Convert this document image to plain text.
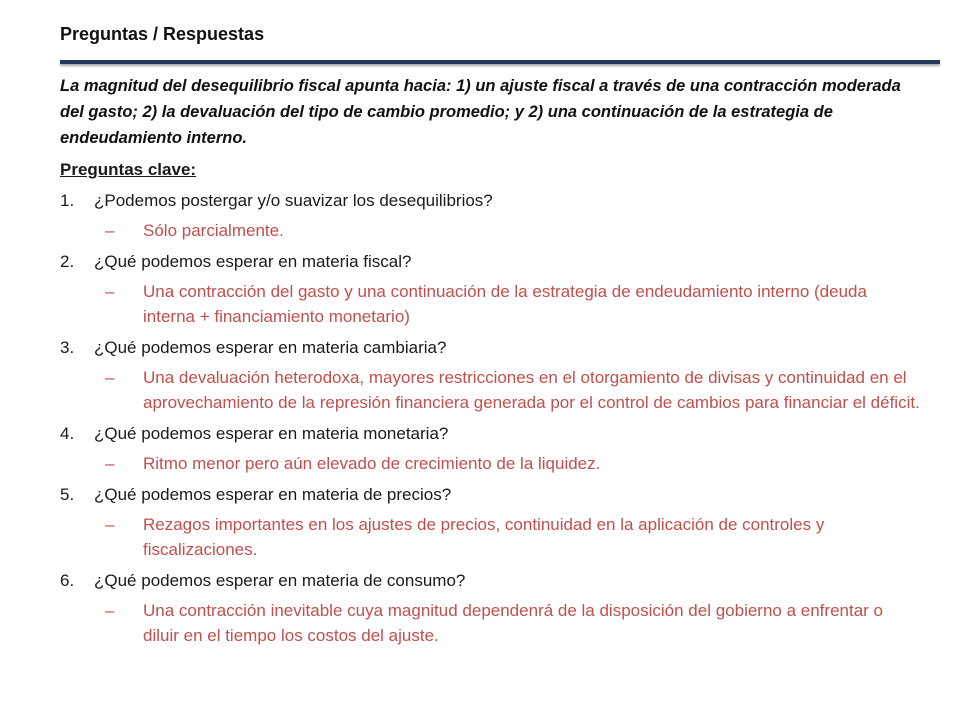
Preguntas / Respuestas
La magnitud del desequilibrio fiscal apunta hacia: 1) un ajuste fiscal a través de una contracción moderada del gasto; 2) la devaluación del tipo de cambio promedio; y 2) una continuación de la estrategia de endeudamiento interno.
Preguntas clave:
1.	¿Podemos postergar y/o suavizar los desequilibrios?
–	Sólo parcialmente.
2.	¿Qué podemos esperar en materia fiscal?
–	Una contracción del gasto y una continuación de la estrategia de endeudamiento interno (deuda interna + financiamiento monetario)
3.	¿Qué podemos esperar en materia cambiaria?
–	Una devaluación heterodoxa, mayores restricciones en el otorgamiento de divisas y continuidad en el aprovechamiento de la represión financiera generada por el control de cambios para financiar el déficit.
4.	¿Qué podemos esperar en materia monetaria?
–	Ritmo menor pero aún elevado de crecimiento de la liquidez.
5.	¿Qué podemos esperar en materia de precios?
–	Rezagos importantes en los ajustes de precios, continuidad en la aplicación de controles y fiscalizaciones.
6.	¿Qué podemos esperar en materia de consumo?
–	Una contracción inevitable cuya magnitud dependenrá de la disposición del gobierno a enfrentar o diluir en el tiempo los costos del ajuste.
